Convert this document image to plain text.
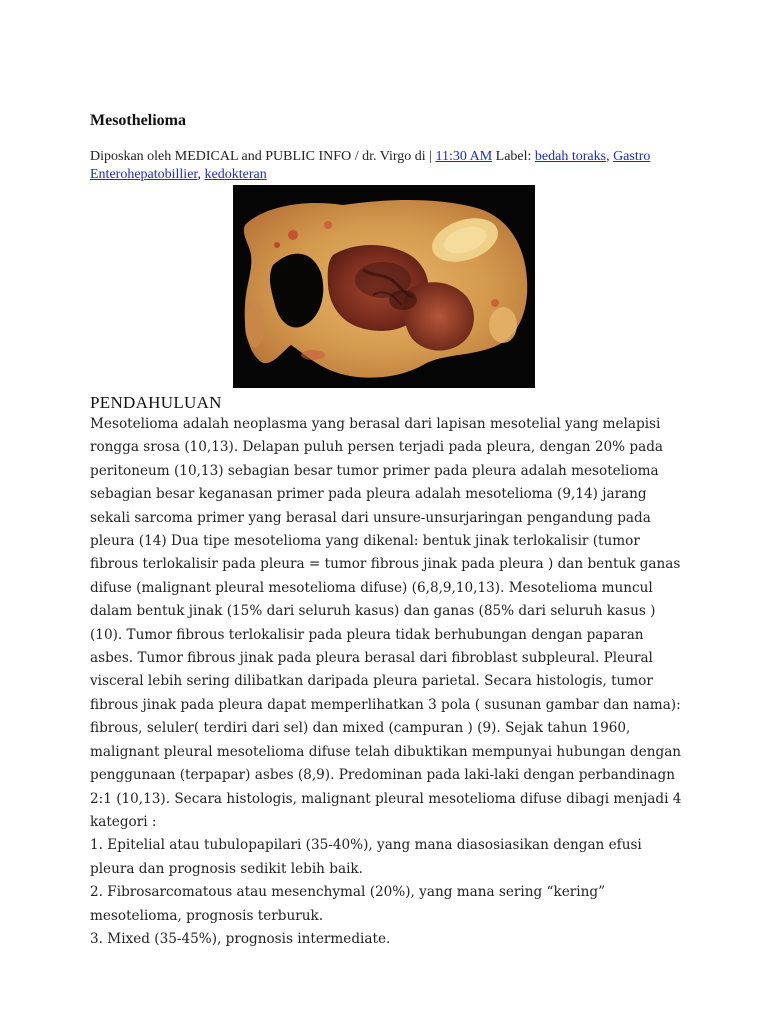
Mesothelioma
Diposkan oleh MEDICAL and PUBLIC INFO / dr. Virgo di | 11:30 AM Label: bedah toraks, Gastro Enterohepatobillier, kedokteran
PENDAHULUAN

Mesotelioma adalah neoplasma yang berasal dari lapisan mesotelial yang melapisi rongga srosa (10,13). Delapan puluh persen terjadi pada pleura, dengan 20% pada peritoneum (10,13) sebagian besar tumor primer pada pleura adalah mesotelioma sebagian besar keganasan primer pada pleura adalah mesotelioma (9,14) jarang sekali sarcoma primer yang berasal dari unsure-unsurjaringan pengandung pada pleura (14) Dua tipe mesotelioma yang dikenal: bentuk jinak terlokalisir (tumor fibrous terlokalisir pada pleura = tumor fibrous jinak pada pleura ) dan bentuk ganas difuse (malignant pleural mesotelioma difuse) (6,8,9,10,13). Mesotelioma muncul dalam bentuk jinak (15% dari seluruh kasus) dan ganas (85% dari seluruh kasus ) (10). Tumor fibrous terlokalisir pada pleura tidak berhubungan dengan paparan asbes. Tumor fibrous jinak pada pleura berasal dari fibroblast subpleural. Pleural visceral lebih sering dilibatkan daripada pleura parietal. Secara histologis, tumor fibrous jinak pada pleura dapat memperlihatkan 3 pola ( susunan gambar dan nama): fibrous, seluler( terdiri dari sel) dan mixed (campuran ) (9). Sejak tahun 1960, malignant pleural mesotelioma difuse telah dibuktikan mempunyai hubungan dengan penggunaan (terpapar) asbes (8,9). Predominan pada laki-laki dengan perbandinagn 2:1 (10,13). Secara histologis, malignant pleural mesotelioma difuse dibagi menjadi 4 kategori :

1. Epitelial atau tubulopapilari (35-40%), yang mana diasosiasikan dengan efusi pleura dan prognosis sedikit lebih baik.

2. Fibrosarcomatous atau mesenchymal (20%), yang mana sering “kering” mesotelioma, prognosis terburuk.

3. Mixed (35-45%), prognosis intermediate.
